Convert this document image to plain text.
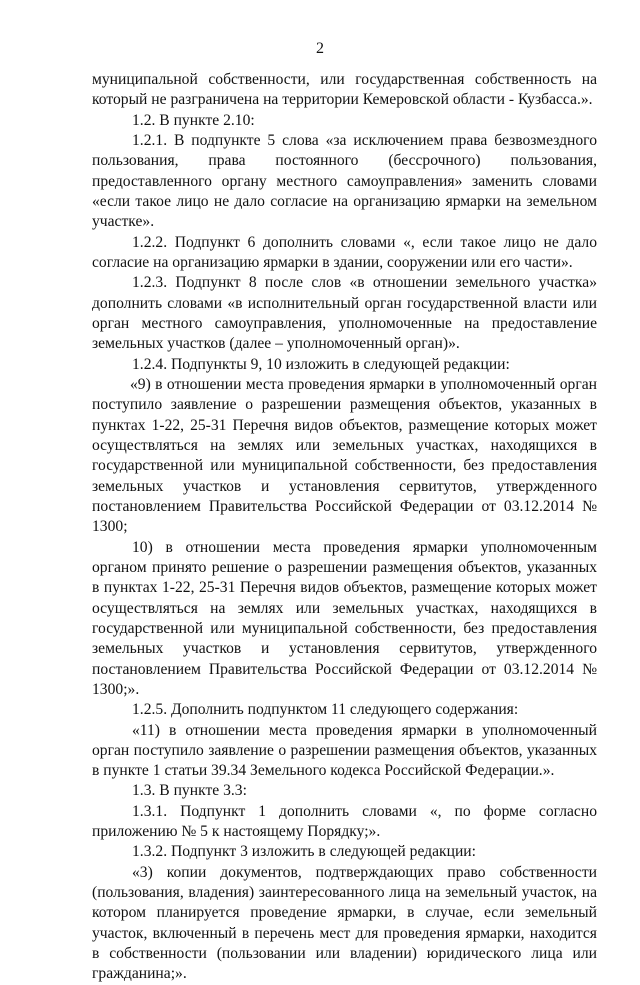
2

муниципальной собственности, или государственная собственность на который не разграничена на территории Кемеровской области - Кузбасса.».

1.2. В пункте 2.10:

1.2.1. В подпункте 5 слова «за исключением права безвозмездного пользования, права постоянного (бессрочного) пользования, предоставленного органу местного самоуправления» заменить словами «если такое лицо не дало согласие на организацию ярмарки на земельном участке».

1.2.2. Подпункт 6 дополнить словами «, если такое лицо не дало согласие на организацию ярмарки в здании, сооружении или его части».

1.2.3. Подпункт 8 после слов «в отношении земельного участка» дополнить словами «в исполнительный орган государственной власти или орган местного самоуправления, уполномоченные на предоставление земельных участков (далее – уполномоченный орган)».

1.2.4. Подпункты 9, 10 изложить в следующей редакции:

«9) в отношении места проведения ярмарки в уполномоченный орган поступило заявление о разрешении размещения объектов, указанных в пунктах 1-22, 25-31 Перечня видов объектов, размещение которых может осуществляться на землях или земельных участках, находящихся в государственной или муниципальной собственности, без предоставления земельных участков и установления сервитутов, утвержденного постановлением Правительства Российской Федерации от 03.12.2014 № 1300;

10) в отношении места проведения ярмарки уполномоченным органом принято решение о разрешении размещения объектов, указанных в пунктах 1-22, 25-31 Перечня видов объектов, размещение которых может осуществляться на землях или земельных участках, находящихся в государственной или муниципальной собственности, без предоставления земельных участков и установления сервитутов, утвержденного постановлением Правительства Российской Федерации от 03.12.2014 № 1300;».

1.2.5. Дополнить подпунктом 11 следующего содержания:

«11) в отношении места проведения ярмарки в уполномоченный орган поступило заявление о разрешении размещения объектов, указанных в пункте 1 статьи 39.34 Земельного кодекса Российской Федерации.».

1.3. В пункте 3.3:

1.3.1. Подпункт 1 дополнить словами «, по форме согласно приложению № 5 к настоящему Порядку;».

1.3.2. Подпункт 3 изложить в следующей редакции:

«3) копии документов, подтверждающих право собственности (пользования, владения) заинтересованного лица на земельный участок, на котором планируется проведение ярмарки, в случае, если земельный участок, включенный в перечень мест для проведения ярмарки, находится в собственности (пользовании или владении) юридического лица или гражданина;».
